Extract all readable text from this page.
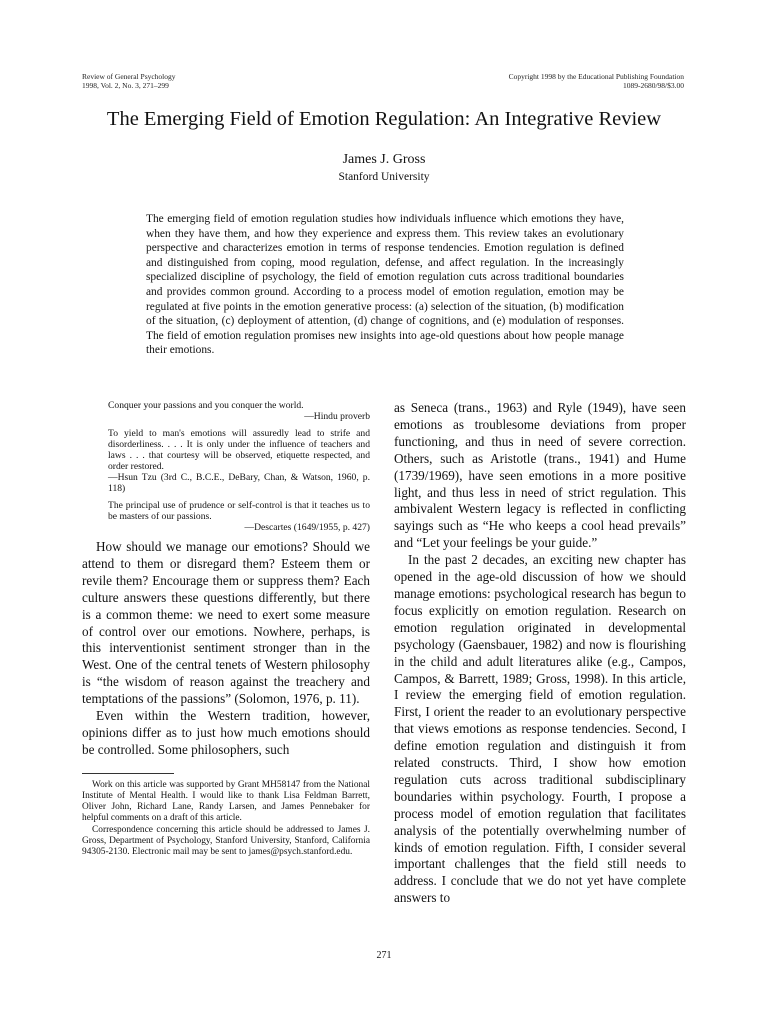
Review of General Psychology
1998, Vol. 2, No. 3, 271–299
Copyright 1998 by the Educational Publishing Foundation
1089-2680/98/$3.00
The Emerging Field of Emotion Regulation: An Integrative Review
James J. Gross
Stanford University
The emerging field of emotion regulation studies how individuals influence which emotions they have, when they have them, and how they experience and express them. This review takes an evolutionary perspective and characterizes emotion in terms of response tendencies. Emotion regulation is defined and distinguished from coping, mood regulation, defense, and affect regulation. In the increasingly specialized discipline of psychology, the field of emotion regulation cuts across traditional boundaries and provides common ground. According to a process model of emotion regulation, emotion may be regulated at five points in the emotion generative process: (a) selection of the situation, (b) modification of the situation, (c) deployment of attention, (d) change of cognitions, and (e) modulation of responses. The field of emotion regulation promises new insights into age-old questions about how people manage their emotions.

Conquer your passions and you conquer the world.

—Hindu proverb

To yield to man's emotions will assuredly lead to strife and disorderliness. . . . It is only under the influence of teachers and laws . . . that courtesy will be observed, etiquette respected, and order restored.

—Hsun Tzu (3rd C., B.C.E., DeBary, Chan, & Watson, 1960, p. 118)

The principal use of prudence or self-control is that it teaches us to be masters of our passions.

—Descartes (1649/1955, p. 427)

How should we manage our emotions? Should we attend to them or disregard them? Esteem them or revile them? Encourage them or suppress them? Each culture answers these questions differently, but there is a common theme: we need to exert some measure of control over our emotions. Nowhere, perhaps, is this interventionist sentiment stronger than in the West. One of the central tenets of Western philosophy is “the wisdom of reason against the treachery and temptations of the passions” (Solomon, 1976, p. 11).

Even within the Western tradition, however, opinions differ as to just how much emotions should be controlled. Some philosophers, such

Work on this article was supported by Grant MH58147 from the National Institute of Mental Health. I would like to thank Lisa Feldman Barrett, Oliver John, Richard Lane, Randy Larsen, and James Pennebaker for helpful comments on a draft of this article.

Correspondence concerning this article should be addressed to James J. Gross, Department of Psychology, Stanford University, Stanford, California 94305-2130. Electronic mail may be sent to james@psych.stanford.edu.

as Seneca (trans., 1963) and Ryle (1949), have seen emotions as troublesome deviations from proper functioning, and thus in need of severe correction. Others, such as Aristotle (trans., 1941) and Hume (1739/1969), have seen emotions in a more positive light, and thus less in need of strict regulation. This ambivalent Western legacy is reflected in conflicting sayings such as “He who keeps a cool head prevails” and “Let your feelings be your guide.”

In the past 2 decades, an exciting new chapter has opened in the age-old discussion of how we should manage emotions: psychological research has begun to focus explicitly on emotion regulation. Research on emotion regulation originated in developmental psychology (Gaensbauer, 1982) and now is flourishing in the child and adult literatures alike (e.g., Campos, Campos, & Barrett, 1989; Gross, 1998). In this article, I review the emerging field of emotion regulation. First, I orient the reader to an evolutionary perspective that views emotions as response tendencies. Second, I define emotion regulation and distinguish it from related constructs. Third, I show how emotion regulation cuts across traditional subdisciplinary boundaries within psychology. Fourth, I propose a process model of emotion regulation that facilitates analysis of the potentially overwhelming number of kinds of emotion regulation. Fifth, I consider several important challenges that the field still needs to address. I conclude that we do not yet have complete answers to

271
